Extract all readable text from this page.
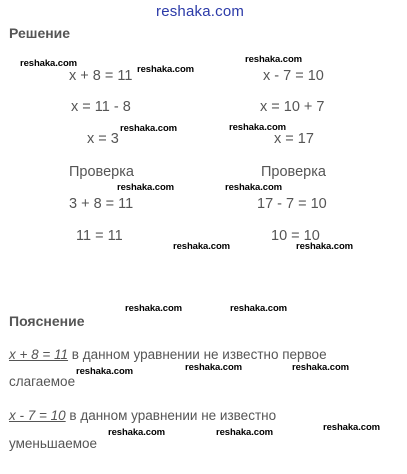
reshaka.com
Решение
x + 8 = 11
x = 11 - 8
x = 3
Проверка
3 + 8 = 11
11 = 11
x - 7 = 10
x = 10 + 7
x = 17
Проверка
17 - 7 = 10
10 = 10
Пояснение
x + 8 = 11 в данном уравнении не известно первое
слагаемое
x - 7 = 10 в данном уравнении не известно
уменьшаемое
reshaka.com
reshaka.com
reshaka.com
reshaka.com	reshaka.com
reshaka.com	reshaka.com
reshaka.com	reshaka.com
reshaka.com	reshaka.com
reshaka.com	reshaka.com	reshaka.com
reshaka.com	reshaka.com	reshaka.com
